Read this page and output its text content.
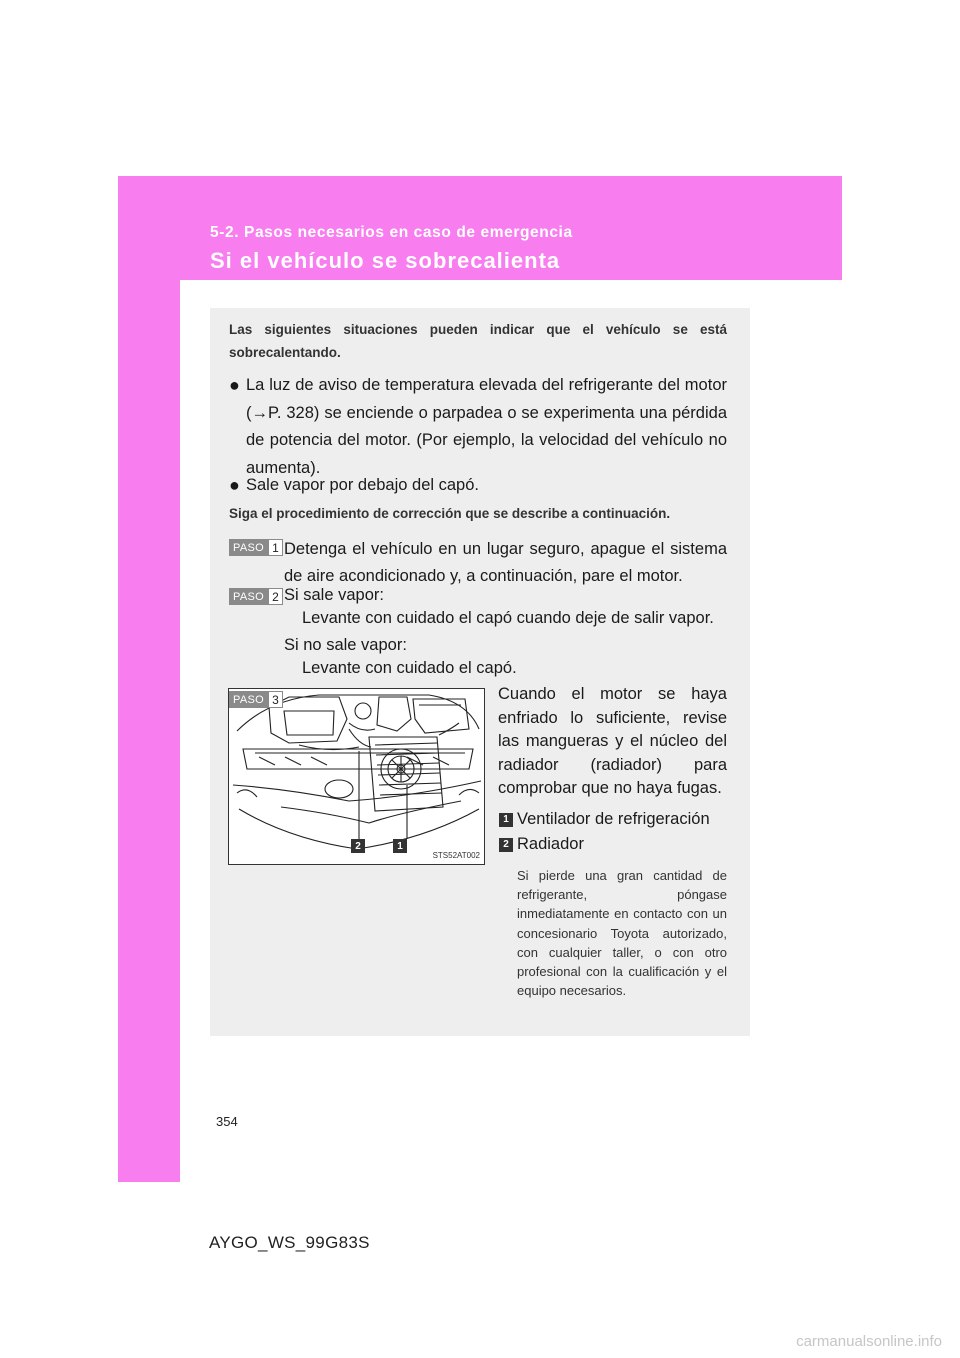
5-2. Pasos necesarios en caso de emergencia
Si el vehículo se sobrecalienta
Las siguientes situaciones pueden indicar que el vehículo se está sobrecalentando.
● La luz de aviso de temperatura elevada del refrigerante del motor (→P. 328) se enciende o parpadea o se experimenta una pérdida de potencia del motor. (Por ejemplo, la velocidad del vehículo no aumenta).
● Sale vapor por debajo del capó.
Siga el procedimiento de corrección que se describe a continuación.
PASO 1 Detenga el vehículo en un lugar seguro, apague el sistema de aire acondicionado y, a continuación, pare el motor.
PASO 2 Si sale vapor:
Levante con cuidado el capó cuando deje de salir vapor.
Si no sale vapor:
Levante con cuidado el capó.
2	1
STS52AT002
PASO 3	Cuando el motor se haya enfriado lo suficiente, revise las mangueras y el núcleo del radiador (radiador) para comprobar que no haya fugas.
1 Ventilador de refrigeración
2 Radiador
Si pierde una gran cantidad de refrigerante, póngase inmediatamente en contacto con un concesionario Toyota autorizado, con cualquier taller, o con otro profesional con la cualificación y el equipo necesarios.
354
AYGO_WS_99G83S
carmanualsonline.info
